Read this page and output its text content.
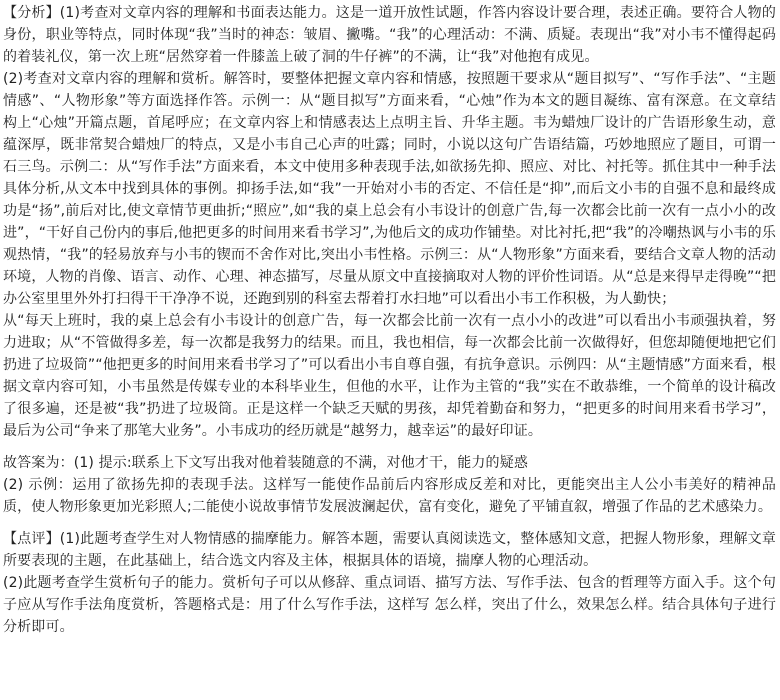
【分析】(1)考查对文章内容的理解和书面表达能力。这是一道开放性试题，作答内容设计要合理，表述正确。要符合人物的身份，职业等特点，同时体现“我”当时的神态：皱眉、撇嘴。“我”的心理活动：不满、质疑。表现出“我”对小韦不懂得起码的着装礼仪，第一次上班“居然穿着一件膝盖上破了洞的牛仔裤”的不满，让“我”对他抱有成见。

(2)考查对文章内容的理解和赏析。解答时，要整体把握文章内容和情感，按照题干要求从“题目拟写”、“写作手法”、“主题情感”、“人物形象”等方面选择作答。示例一：从“题目拟写”方面来看，“心烛”作为本文的题目凝练、富有深意。在文章结构上“心烛”开篇点题，首尾呼应；在文章内容上和情感表达上点明主旨、升华主题。韦为蜡烛厂设计的广告语形象生动，意蕴深厚，既非常契合蜡烛厂的特点，又是小韦自己心声的吐露；同时，小说以这句广告语结篇，巧妙地照应了题目，可谓一石三鸟。示例二：从“写作手法”方面来看，本文中使用多种表现手法,如欲扬先抑、照应、对比、衬托等。抓住其中一种手法具体分析,从文本中找到具体的事例。抑扬手法,如“我”一开始对小韦的否定、不信任是“抑”,而后文小韦的自强不息和最终成功是“扬”,前后对比,使文章情节更曲折;“照应”,如“我的桌上总会有小韦设计的创意广告,每一次都会比前一次有一点小小的改进”，“干好自己份内的事后,他把更多的时间用来看书学习”,为他后文的成功作铺垫。对比衬托,把“我”的冷嘲热讽与小韦的乐观热情，“我”的轻易放弃与小韦的锲而不舍作对比,突出小韦性格。示例三：从“人物形象”方面来看，要结合文章人物的活动环境，人物的肖像、语言、动作、心理、神态描写，尽量从原文中直接摘取对人物的评价性词语。从“总是来得早走得晚”“把办公室里里外外打扫得干干净净不说，还跑到别的科室去帮着打水扫地”可以看出小韦工作积极，为人勤快；
从“每天上班时，我的桌上总会有小韦设计的创意广告，每一次都会比前一次有一点小小的改进”可以看出小韦顽强执着，努力进取；从“不管做得多差，每一次都是我努力的结果。而且，我也相信，每一次都会比前一次做得好，但您却随便地把它们扔进了垃圾筒”“他把更多的时间用来看书学习了”可以看出小韦自尊自强，有抗争意识。示例四：从“主题情感”方面来看，根据文章内容可知，小韦虽然是传媒专业的本科毕业生，但他的水平，让作为主管的“我”实在不敢恭维，一个简单的设计稿改了很多遍，还是被“我”扔进了垃圾筒。正是这样一个缺乏天赋的男孩，却凭着勤奋和努力，“把更多的时间用来看书学习”，最后为公司“争来了那笔大业务”。小韦成功的经历就是“越努力，越幸运”的最好印证。

故答案为：(1) 提示:联系上下文写出我对他着装随意的不满，对他才干，能力的疑惑

(2) 示例：运用了欲扬先抑的表现手法。这样写一能使作品前后内容形成反差和对比，更能突出主人公小韦美好的精神品质，使人物形象更加光彩照人;二能使小说故事情节发展波澜起伏，富有变化，避免了平铺直叙，增强了作品的艺术感染力。

【点评】(1)此题考查学生对人物情感的揣摩能力。解答本题，需要认真阅读选文，整体感知文意，把握人物形象，理解文章所要表现的主题，在此基础上，结合选文内容及主体，根据具体的语境，揣摩人物的心理活动。

(2)此题考查学生赏析句子的能力。赏析句子可以从修辞、重点词语、描写方法、写作手法、包含的哲理等方面入手。这个句子应从写作手法角度赏析，答题格式是：用了什么写作手法，这样写 怎么样，突出了什么，效果怎么样。结合具体句子进行分析即可。
